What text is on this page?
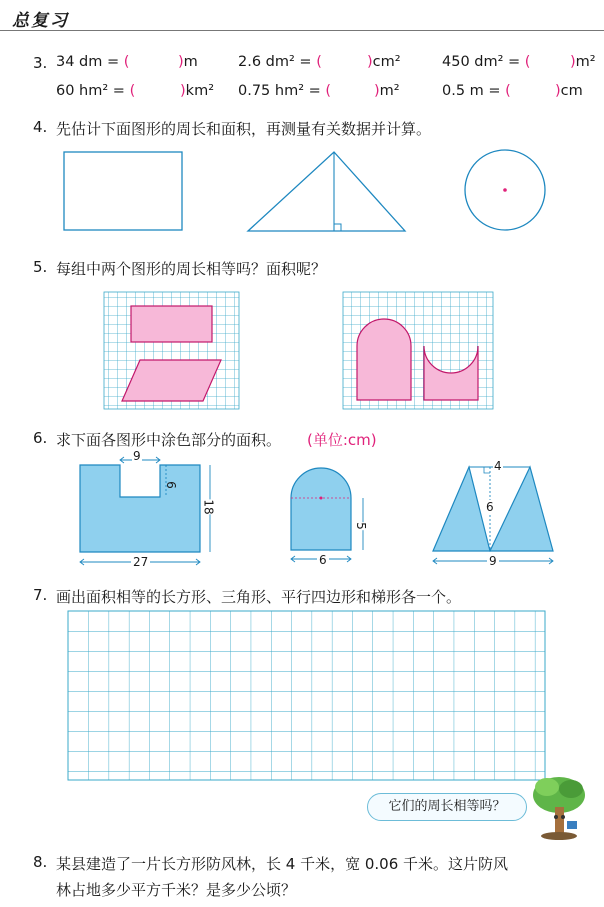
总复习
3. 34 dm = (	)m	2.6 dm² = (	)cm²	450 dm² = (	)m²
60 hm² = (	)km² 0.75 hm² = (	)m²	0.5 m = (	)cm
4. 先估计下面图形的周长和面积，再测量有关数据并计算。
5. 每组中两个图形的周长相等吗？面积呢？
6. 求下面各图形中涂色部分的面积。 (单位:cm)
9
6
18
27
5
6
4
6
9
7. 画出面积相等的长方形、三角形、平行四边形和梯形各一个。
它们的周长相等吗？
8. 某县建造了一片长方形防风林，长 4 千米，宽 0.06 千米。这片防风
林占地多少平方千米？是多少公顷？
